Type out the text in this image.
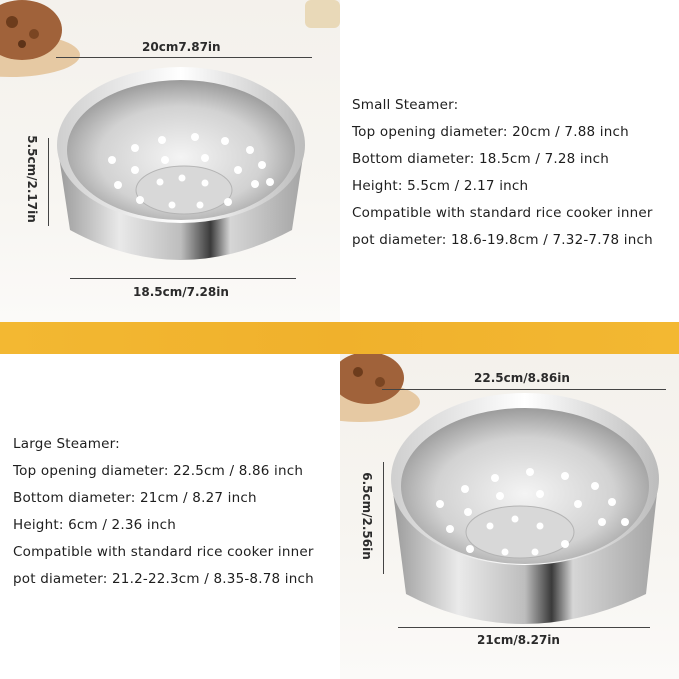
20cm7.87in
18.5cm/7.28in
5.5cm/2.17in
Small Steamer:
Top opening diameter: 20cm / 7.88 inch
Bottom diameter: 18.5cm / 7.28 inch
Height: 5.5cm / 2.17 inch
Compatible with standard rice cooker inner
pot diameter: 18.6-19.8cm / 7.32-7.78 inch
Large Steamer:
Top opening diameter: 22.5cm / 8.86 inch
Bottom diameter: 21cm / 8.27 inch
Height: 6cm / 2.36 inch
Compatible with standard rice cooker inner
pot diameter: 21.2-22.3cm / 8.35-8.78 inch
22.5cm/8.86in
21cm/8.27in
6.5cm/2.56in
